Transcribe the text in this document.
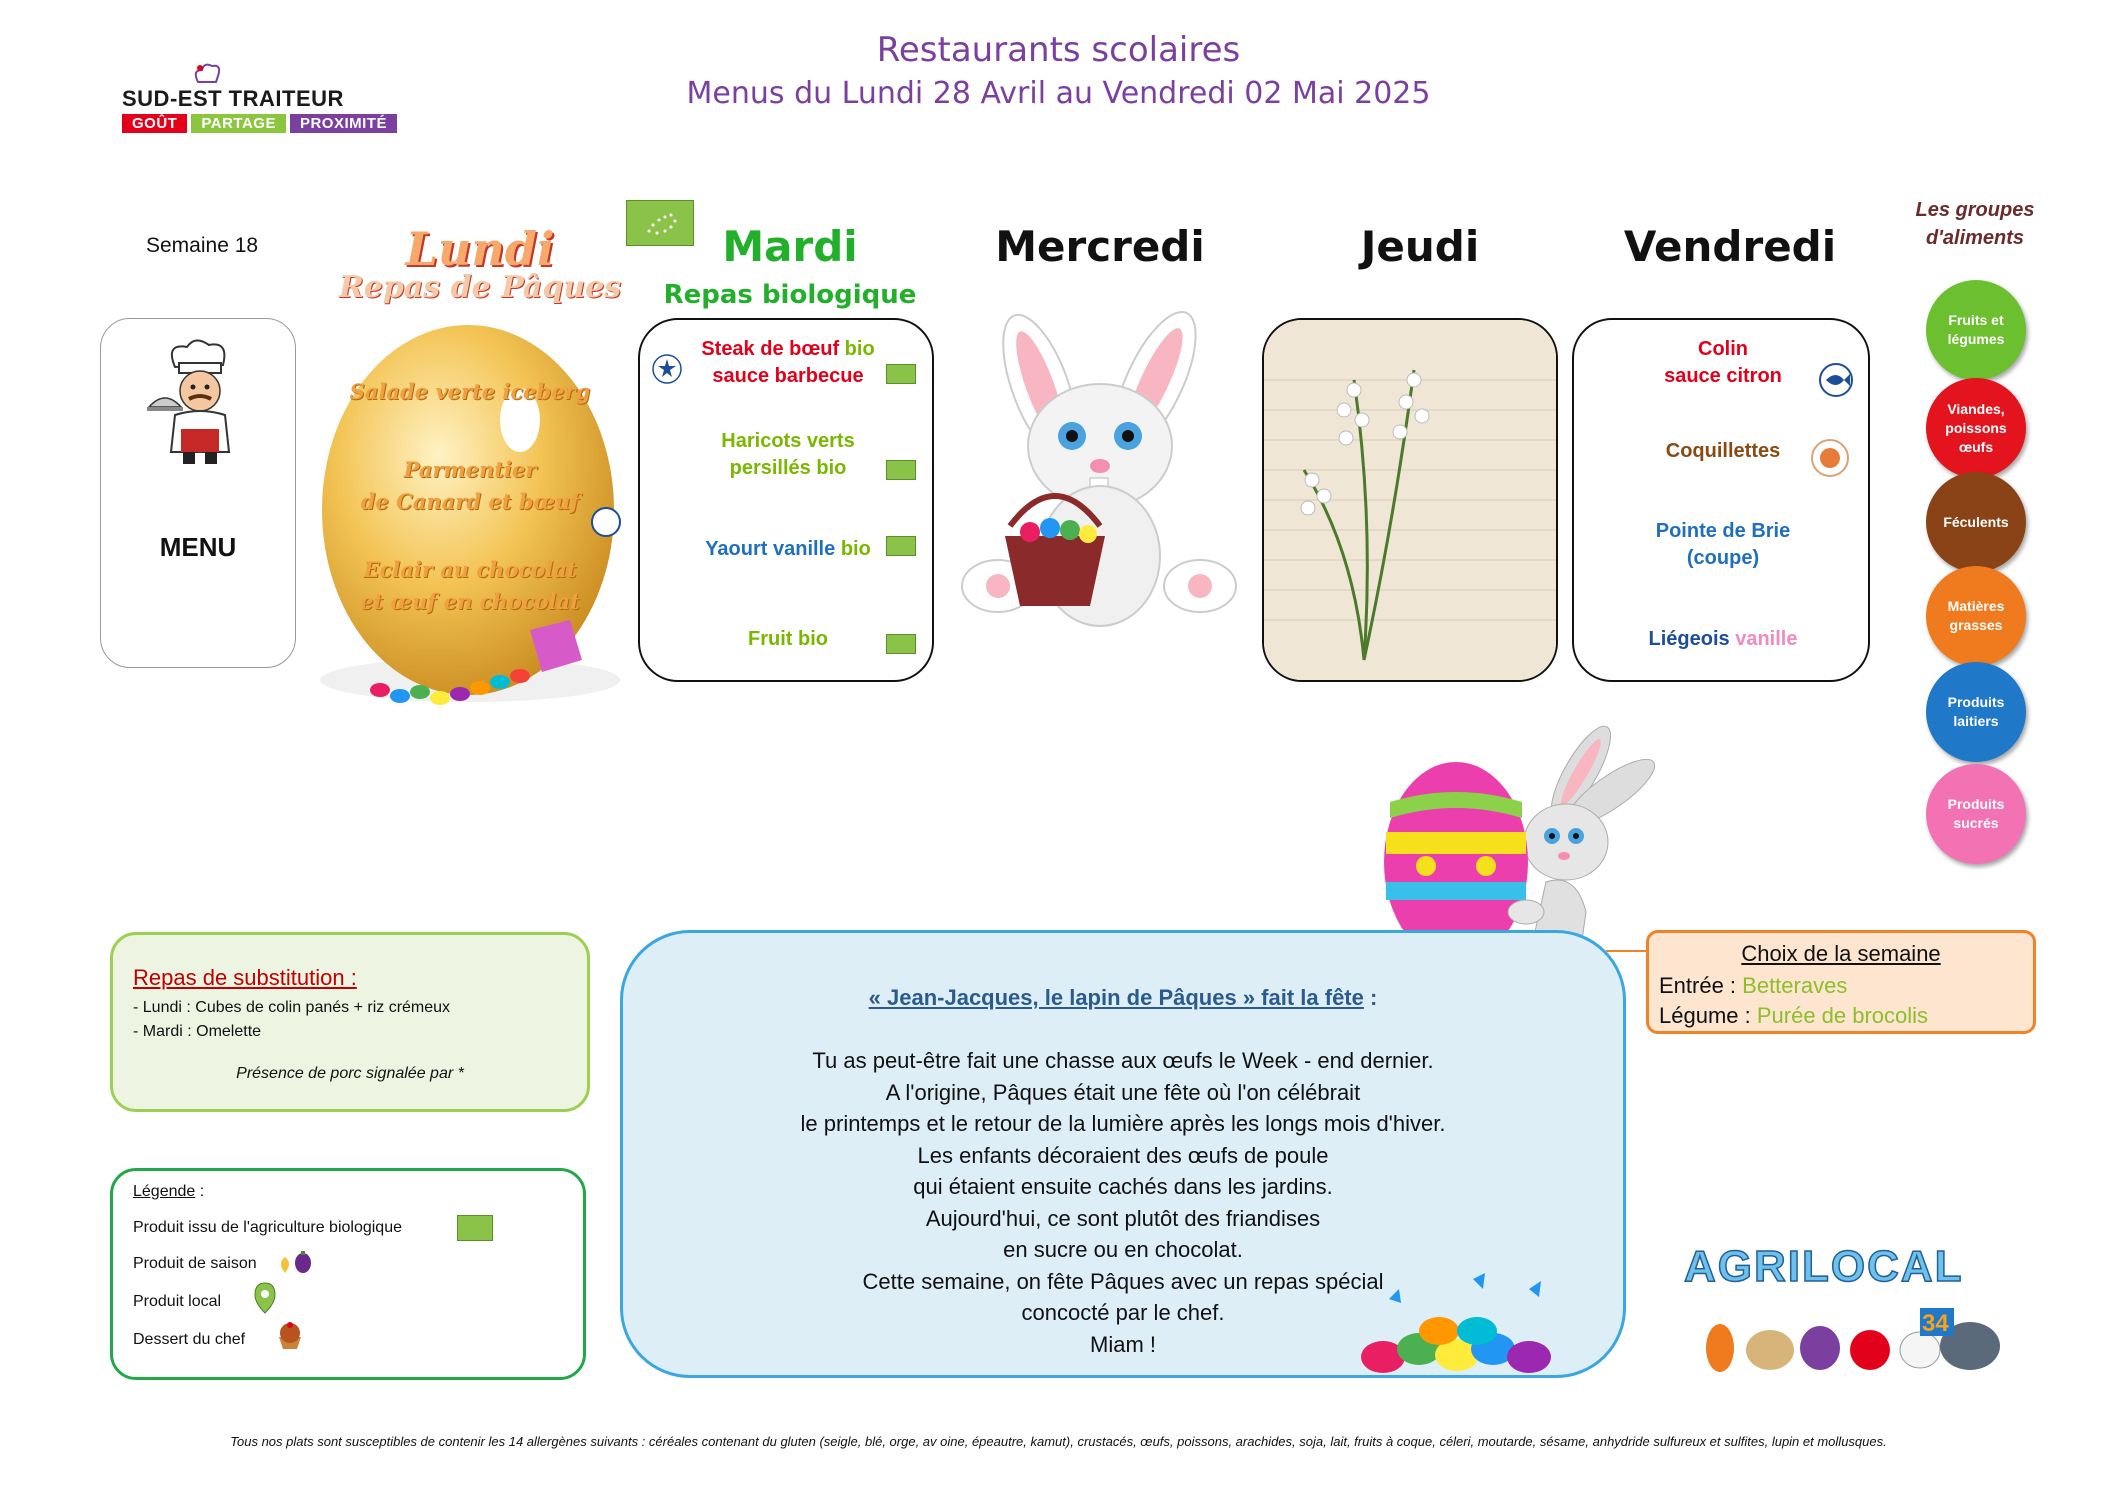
SUD-EST TRAITEUR
GOÛT	PARTAGE	PROXIMITÉ
Restaurants scolaires
Menus du Lundi 28 Avril au Vendredi 02 Mai 2025
Semaine 18	Lundi
Repas de Pâques
Mardi
Repas biologique
Mercredi	Jeudi	Vendredi
MENU
Salade verte iceberg
Parmentier
de Canard et bœuf
Eclair au chocolat
et œuf en chocolat
Steak de bœuf bio
sauce barbecue
Haricots verts
persillés bio
Yaourt vanille bio
Fruit bio
Colin
sauce citron
Coquillettes
Pointe de Brie
(coupe)
Liégeois vanille
Les groupes
d'aliments
Fruits et
légumes
Viandes,
poissons
œufs
Féculents
Matières
grasses
Produits
laitiers
Produits
sucrés
Repas de substitution :
- Lundi : Cubes de colin panés + riz crémeux
- Mardi : Omelette
Présence de porc signalée par *
Légende :
Produit issu de l'agriculture biologique
Produit de saison
Produit local
Dessert du chef
« Jean-Jacques, le lapin de Pâques » fait la fête :
Tu as peut-être fait une chasse aux œufs le Week - end dernier.
A l'origine, Pâques était une fête où l'on célébrait
le printemps et le retour de la lumière après les longs mois d'hiver.
Les enfants décoraient des œufs de poule
qui étaient ensuite cachés dans les jardins.
Aujourd'hui, ce sont plutôt des friandises
en sucre ou en chocolat.
Cette semaine, on fête Pâques avec un repas spécial
concocté par le chef.
Miam !
Choix de la semaine
Entrée : Betteraves
Légume : Purée de brocolis
AGRILOCAL
34
Tous nos plats sont susceptibles de contenir les 14 allergènes suivants : céréales contenant du gluten (seigle, blé, orge, av oine, épeautre, kamut), crustacés, œufs, poissons, arachides, soja, lait, fruits à coque, céleri, moutarde, sésame, anhydride sulfureux et sulfites, lupin et mollusques.
